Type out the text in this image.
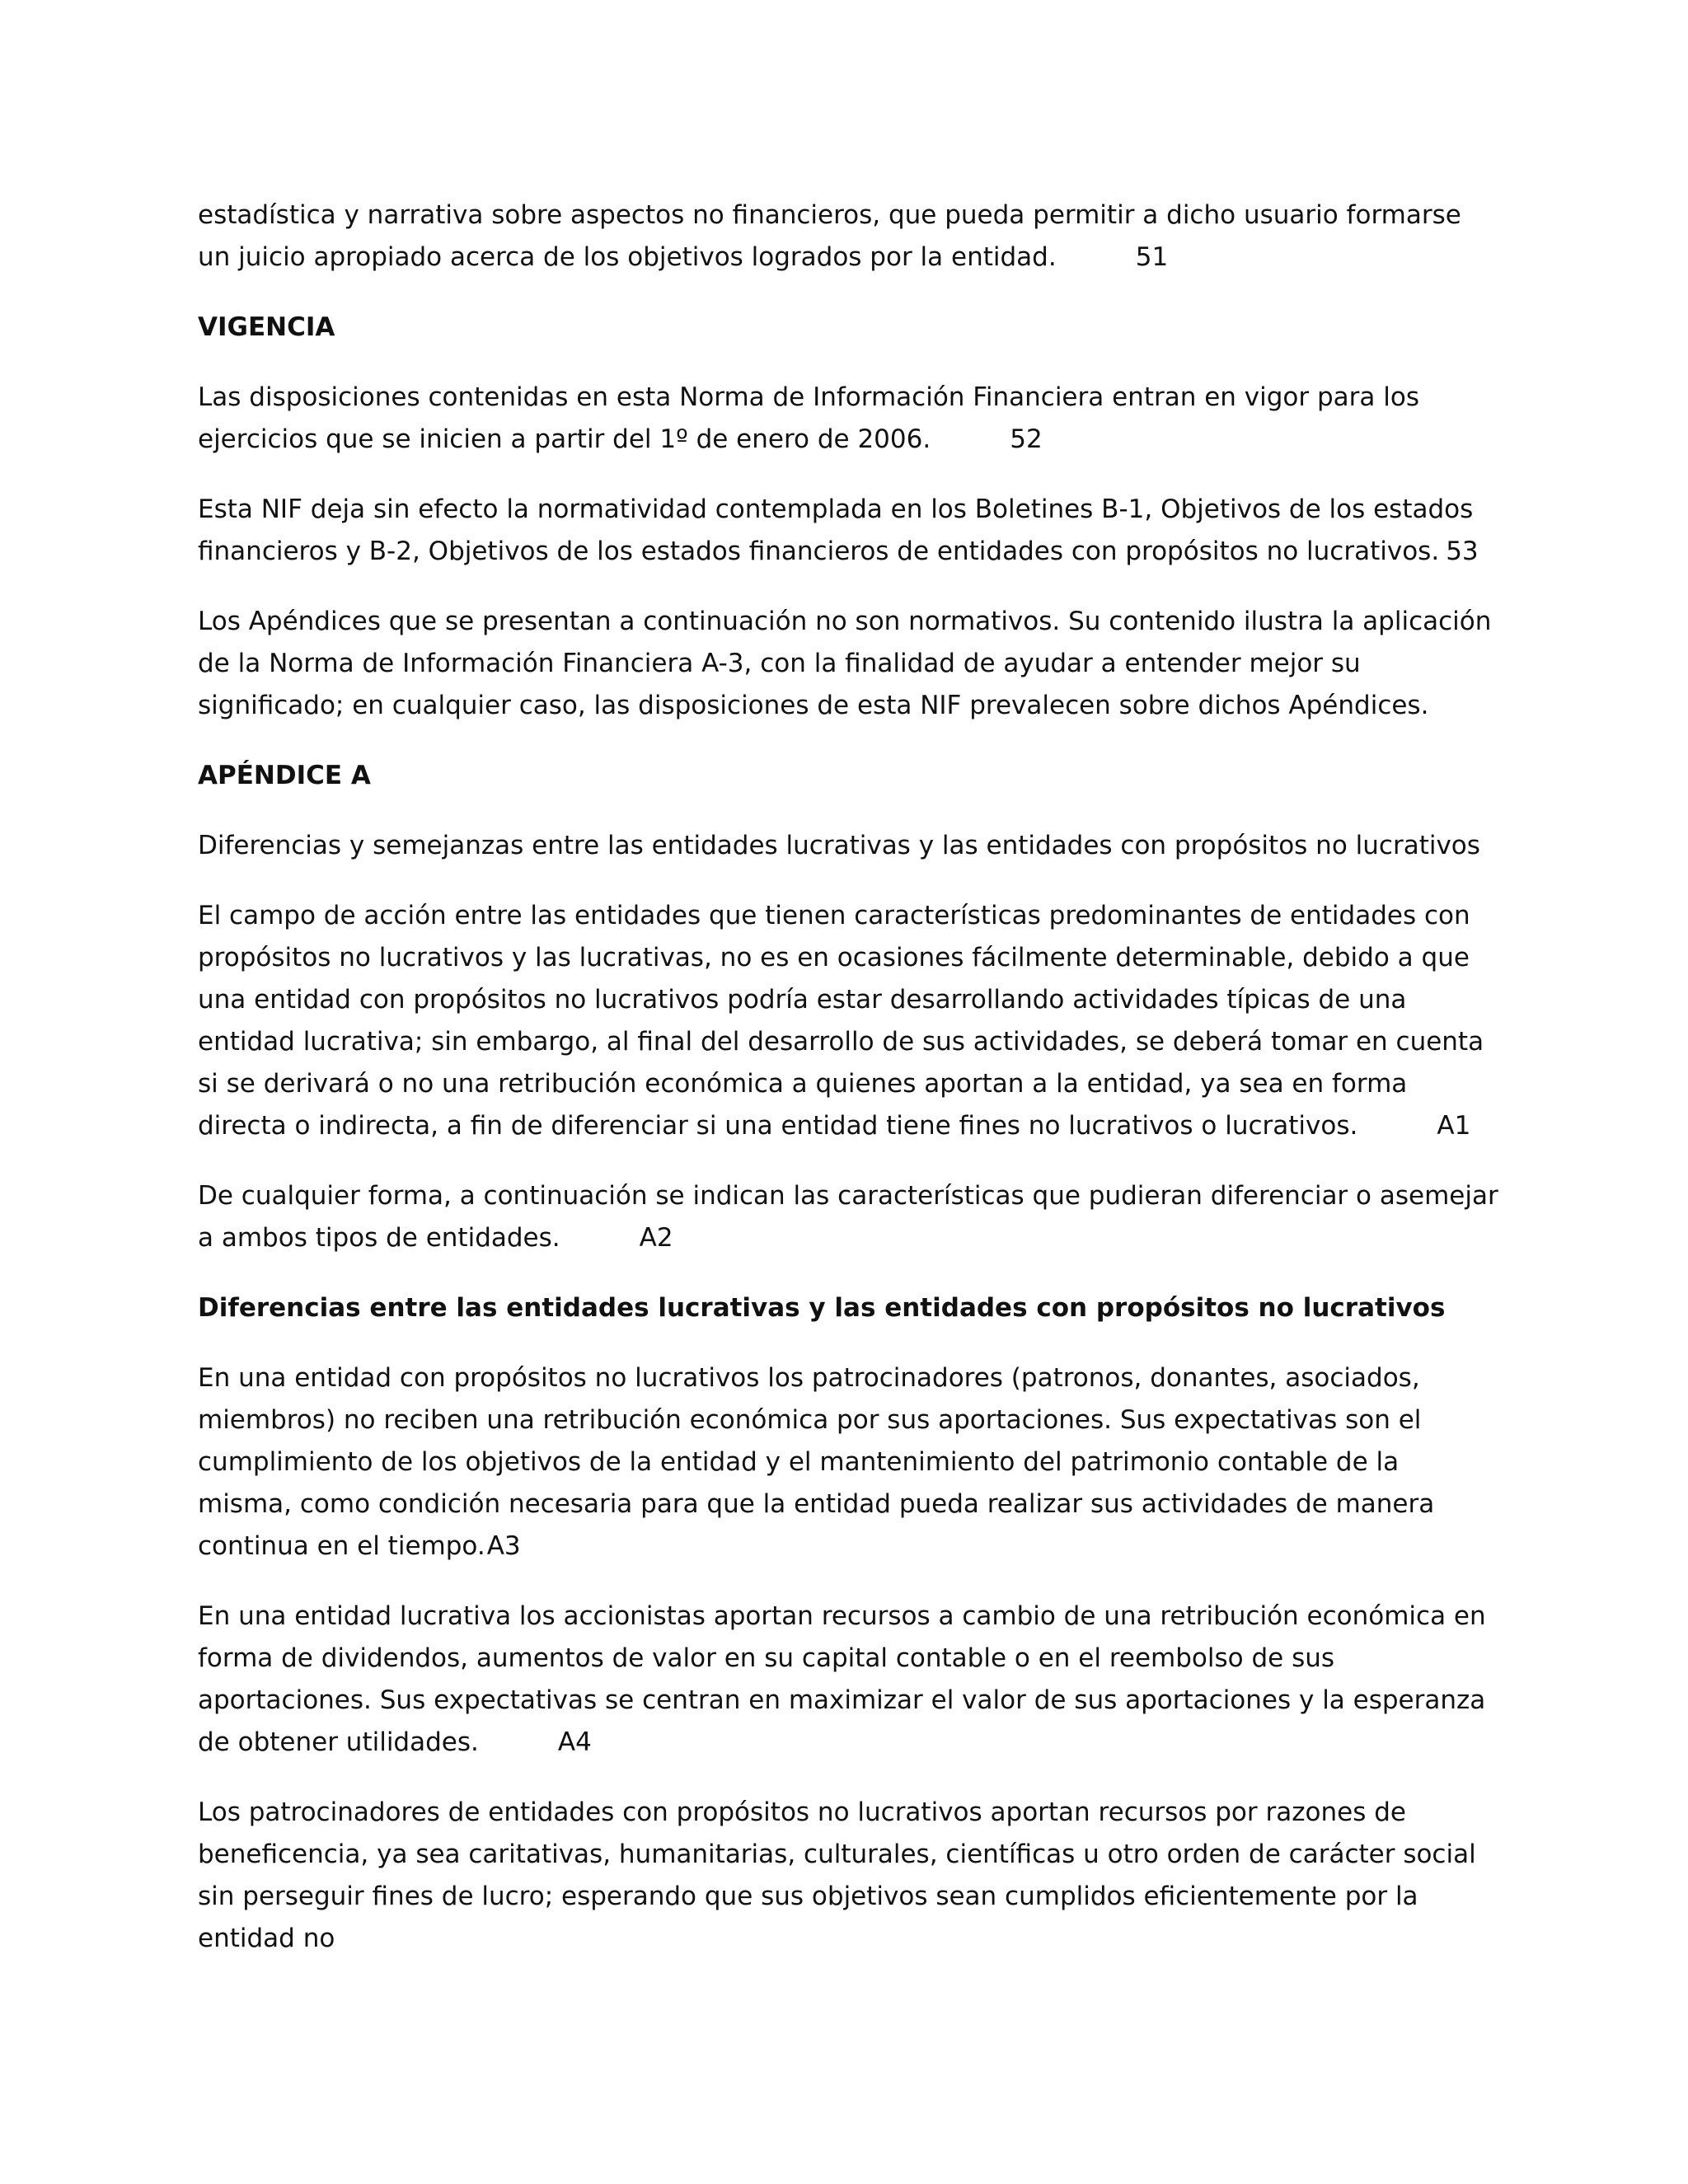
estadística y narrativa sobre aspectos no financieros, que pueda permitir a dicho usuario formarse un juicio apropiado acerca de los objetivos logrados por la entidad.	51

VIGENCIA

Las disposiciones contenidas en esta Norma de Información Financiera entran en vigor para los ejercicios que se inicien a partir del 1º de enero de 2006.	52

Esta NIF deja sin efecto la normatividad contemplada en los Boletines B-1, Objetivos de los estados financieros y B-2, Objetivos de los estados financieros de entidades con propósitos no lucrativos. 53

Los Apéndices que se presentan a continuación no son normativos. Su contenido ilustra la aplicación de la Norma de Información Financiera A-3, con la finalidad de ayudar a entender mejor su significado; en cualquier caso, las disposiciones de esta NIF prevalecen sobre dichos Apéndices.

APÉNDICE A

Diferencias y semejanzas entre las entidades lucrativas y las entidades con propósitos no lucrativos

El campo de acción entre las entidades que tienen características predominantes de entidades con propósitos no lucrativos y las lucrativas, no es en ocasiones fácilmente determinable, debido a que una entidad con propósitos no lucrativos podría estar desarrollando actividades típicas de una entidad lucrativa; sin embargo, al final del desarrollo de sus actividades, se deberá tomar en cuenta si se derivará o no una retribución económica a quienes aportan a la entidad, ya sea en forma directa o indirecta, a fin de diferenciar si una entidad tiene fines no lucrativos o lucrativos.	A1

De cualquier forma, a continuación se indican las características que pudieran diferenciar o asemejar a ambos tipos de entidades.	A2

Diferencias entre las entidades lucrativas y las entidades con propósitos no lucrativos

En una entidad con propósitos no lucrativos los patrocinadores (patronos, donantes, asociados, miembros) no reciben una retribución económica por sus aportaciones. Sus expectativas son el cumplimiento de los objetivos de la entidad y el mantenimiento del patrimonio contable de la misma, como condición necesaria para que la entidad pueda realizar sus actividades de manera continua en el tiempo.A3

En una entidad lucrativa los accionistas aportan recursos a cambio de una retribución económica en forma de dividendos, aumentos de valor en su capital contable o en el reembolso de sus aportaciones. Sus expectativas se centran en maximizar el valor de sus aportaciones y la esperanza de obtener utilidades.	A4

Los patrocinadores de entidades con propósitos no lucrativos aportan recursos por razones de beneficencia, ya sea caritativas, humanitarias, culturales, científicas u otro orden de carácter social sin perseguir fines de lucro; esperando que sus objetivos sean cumplidos eficientemente por la entidad no
